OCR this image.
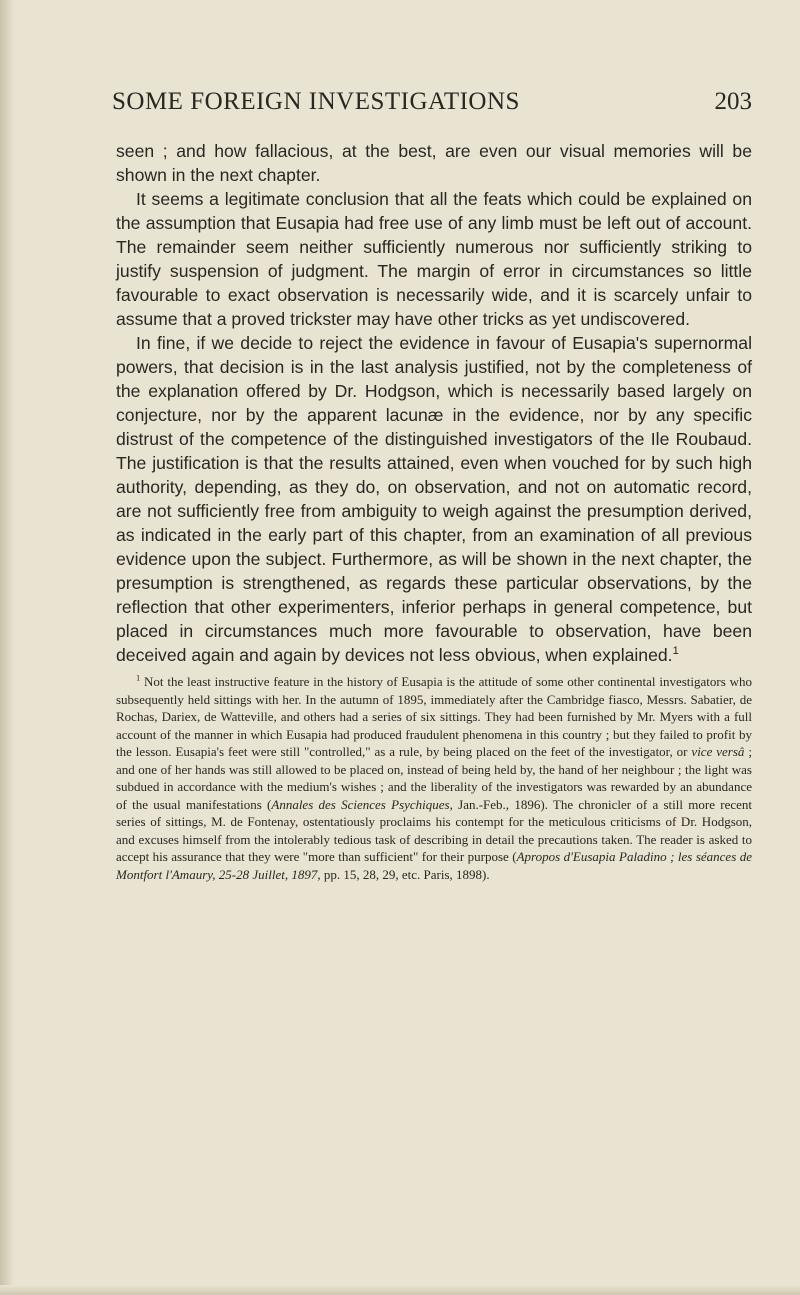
SOME FOREIGN INVESTIGATIONS	203

seen ; and how fallacious, at the best, are even our visual memories will be shown in the next chapter.

It seems a legitimate conclusion that all the feats which could be explained on the assumption that Eusapia had free use of any limb must be left out of account. The remainder seem neither sufficiently numerous nor sufficiently striking to justify suspension of judgment. The margin of error in circumstances so little favourable to exact observation is necessarily wide, and it is scarcely unfair to assume that a proved trickster may have other tricks as yet undiscovered.

In fine, if we decide to reject the evidence in favour of Eusapia's supernormal powers, that decision is in the last analysis justified, not by the completeness of the explanation offered by Dr. Hodgson, which is necessarily based largely on conjecture, nor by the apparent lacunæ in the evidence, nor by any specific distrust of the competence of the distinguished investigators of the Ile Roubaud. The justification is that the results attained, even when vouched for by such high authority, depending, as they do, on observation, and not on automatic record, are not sufficiently free from ambiguity to weigh against the presumption derived, as indicated in the early part of this chapter, from an examination of all previous evidence upon the subject. Furthermore, as will be shown in the next chapter, the presumption is strengthened, as regards these particular observations, by the reflection that other experimenters, inferior perhaps in general competence, but placed in circumstances much more favourable to observation, have been deceived again and again by devices not less obvious, when explained.$^1$

$^1$ Not the least instructive feature in the history of Eusapia is the attitude of some other continental investigators who subsequently held sittings with her. In the autumn of 1895, immediately after the Cambridge fiasco, Messrs. Sabatier, de Rochas, Dariex, de Watteville, and others had a series of six sittings. They had been furnished by Mr. Myers with a full account of the manner in which Eusapia had produced fraudulent phenomena in this country ; but they failed to profit by the lesson. Eusapia's feet were still "controlled," as a rule, by being placed on the feet of the investigator, or vice versâ ; and one of her hands was still allowed to be placed on, instead of being held by, the hand of her neighbour ; the light was subdued in accordance with the medium's wishes ; and the liberality of the investigators was rewarded by an abundance of the usual manifestations (Annales des Sciences Psychiques, Jan.-Feb., 1896). The chronicler of a still more recent series of sittings, M. de Fontenay, ostentatiously proclaims his contempt for the meticulous criticisms of Dr. Hodgson, and excuses himself from the intolerably tedious task of describing in detail the precautions taken. The reader is asked to accept his assurance that they were "more than sufficient" for their purpose (Apropos d'Eusapia Paladino ; les séances de Montfort l'Amaury, 25-28 Juillet, 1897, pp. 15, 28, 29, etc. Paris, 1898).
